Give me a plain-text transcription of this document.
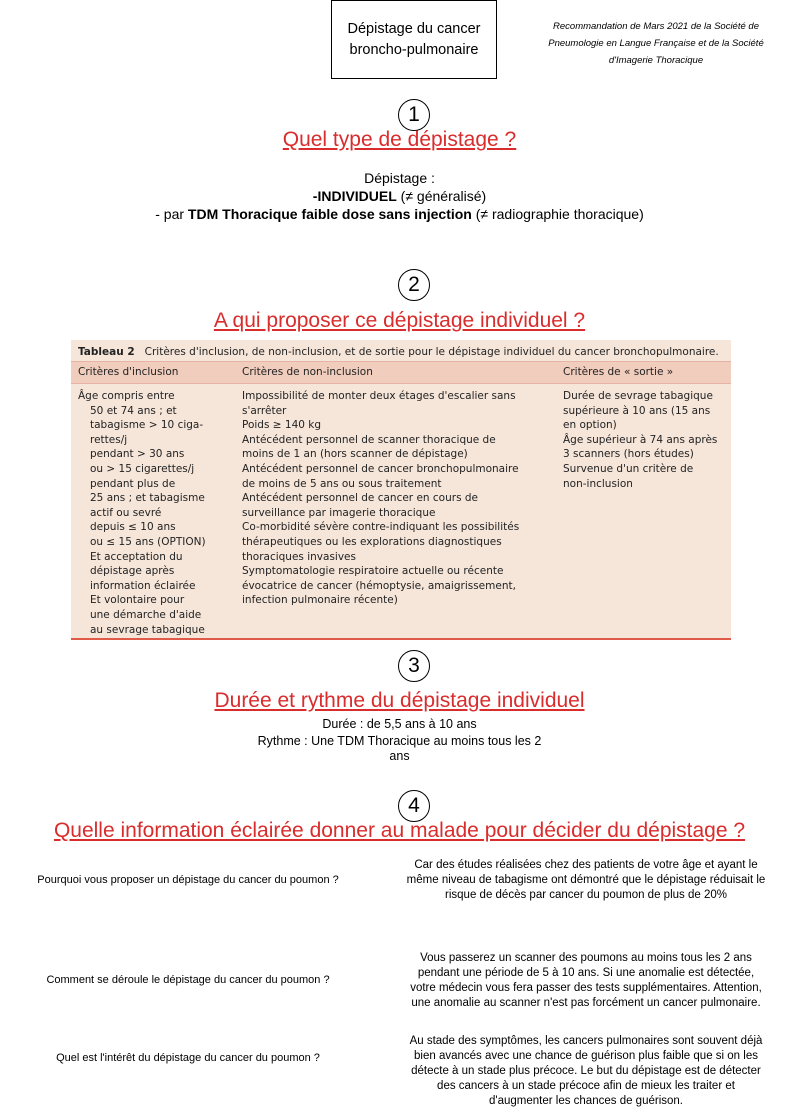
Dépistage du cancer
broncho-pulmonaire
Recommandation de Mars 2021 de la Société de
Pneumologie en Langue Française et de la Société
d'Imagerie Thoracique
1
Quel type de dépistage ?
Dépistage :
-INDIVIDUEL (≠ généralisé)
- par TDM Thoracique faible dose sans injection (≠ radiographie thoracique)
2
A qui proposer ce dépistage individuel ?
Tableau 2 Critères d'inclusion, de non-inclusion, et de sortie pour le dépistage individuel du cancer bronchopulmonaire.
Critères d'inclusion	Critères de non-inclusion	Critères de « sortie »
Âge compris entre
50 et 74 ans ; et
tabagisme > 10 ciga-
rettes/j
pendant > 30 ans
ou > 15 cigarettes/j
pendant plus de
25 ans ; et tabagisme
actif ou sevré
depuis ≤ 10 ans
ou ≤ 15 ans (OPTION)
Et acceptation du
dépistage après
information éclairée
Et volontaire pour
une démarche d'aide
au sevrage tabagique
Impossibilité de monter deux étages d'escalier sans
s'arrêter
Poids ≥ 140 kg
Antécédent personnel de scanner thoracique de
moins de 1 an (hors scanner de dépistage)
Antécédent personnel de cancer bronchopulmonaire
de moins de 5 ans ou sous traitement
Antécédent personnel de cancer en cours de
surveillance par imagerie thoracique
Co-morbidité sévère contre-indiquant les possibilités
thérapeutiques ou les explorations diagnostiques
thoraciques invasives
Symptomatologie respiratoire actuelle ou récente
évocatrice de cancer (hémoptysie, amaigrissement,
infection pulmonaire récente)
Durée de sevrage tabagique
supérieure à 10 ans (15 ans
en option)
Âge supérieur à 74 ans après
3 scanners (hors études)
Survenue d'un critère de
non-inclusion
3
Durée et rythme du dépistage individuel
Durée : de 5,5 ans à 10 ans
Rythme : Une TDM Thoracique au moins tous les 2
ans
4
Quelle information éclairée donner au malade pour décider du dépistage ?
Pourquoi vous proposer un dépistage du cancer du poumon ?
Car des études réalisées chez des patients de votre âge et ayant le
même niveau de tabagisme ont démontré que le dépistage réduisait le
risque de décès par cancer du poumon de plus de 20%
Comment se déroule le dépistage du cancer du poumon ?
Vous passerez un scanner des poumons au moins tous les 2 ans
pendant une période de 5 à 10 ans. Si une anomalie est détectée,
votre médecin vous fera passer des tests supplémentaires. Attention,
une anomalie au scanner n'est pas forcément un cancer pulmonaire.
Quel est l'intérêt du dépistage du cancer du poumon ?
Au stade des symptômes, les cancers pulmonaires sont souvent déjà
bien avancés avec une chance de guérison plus faible que si on les
détecte à un stade plus précoce. Le but du dépistage est de détecter
des cancers à un stade précoce afin de mieux les traiter et
d'augmenter les chances de guérison.
